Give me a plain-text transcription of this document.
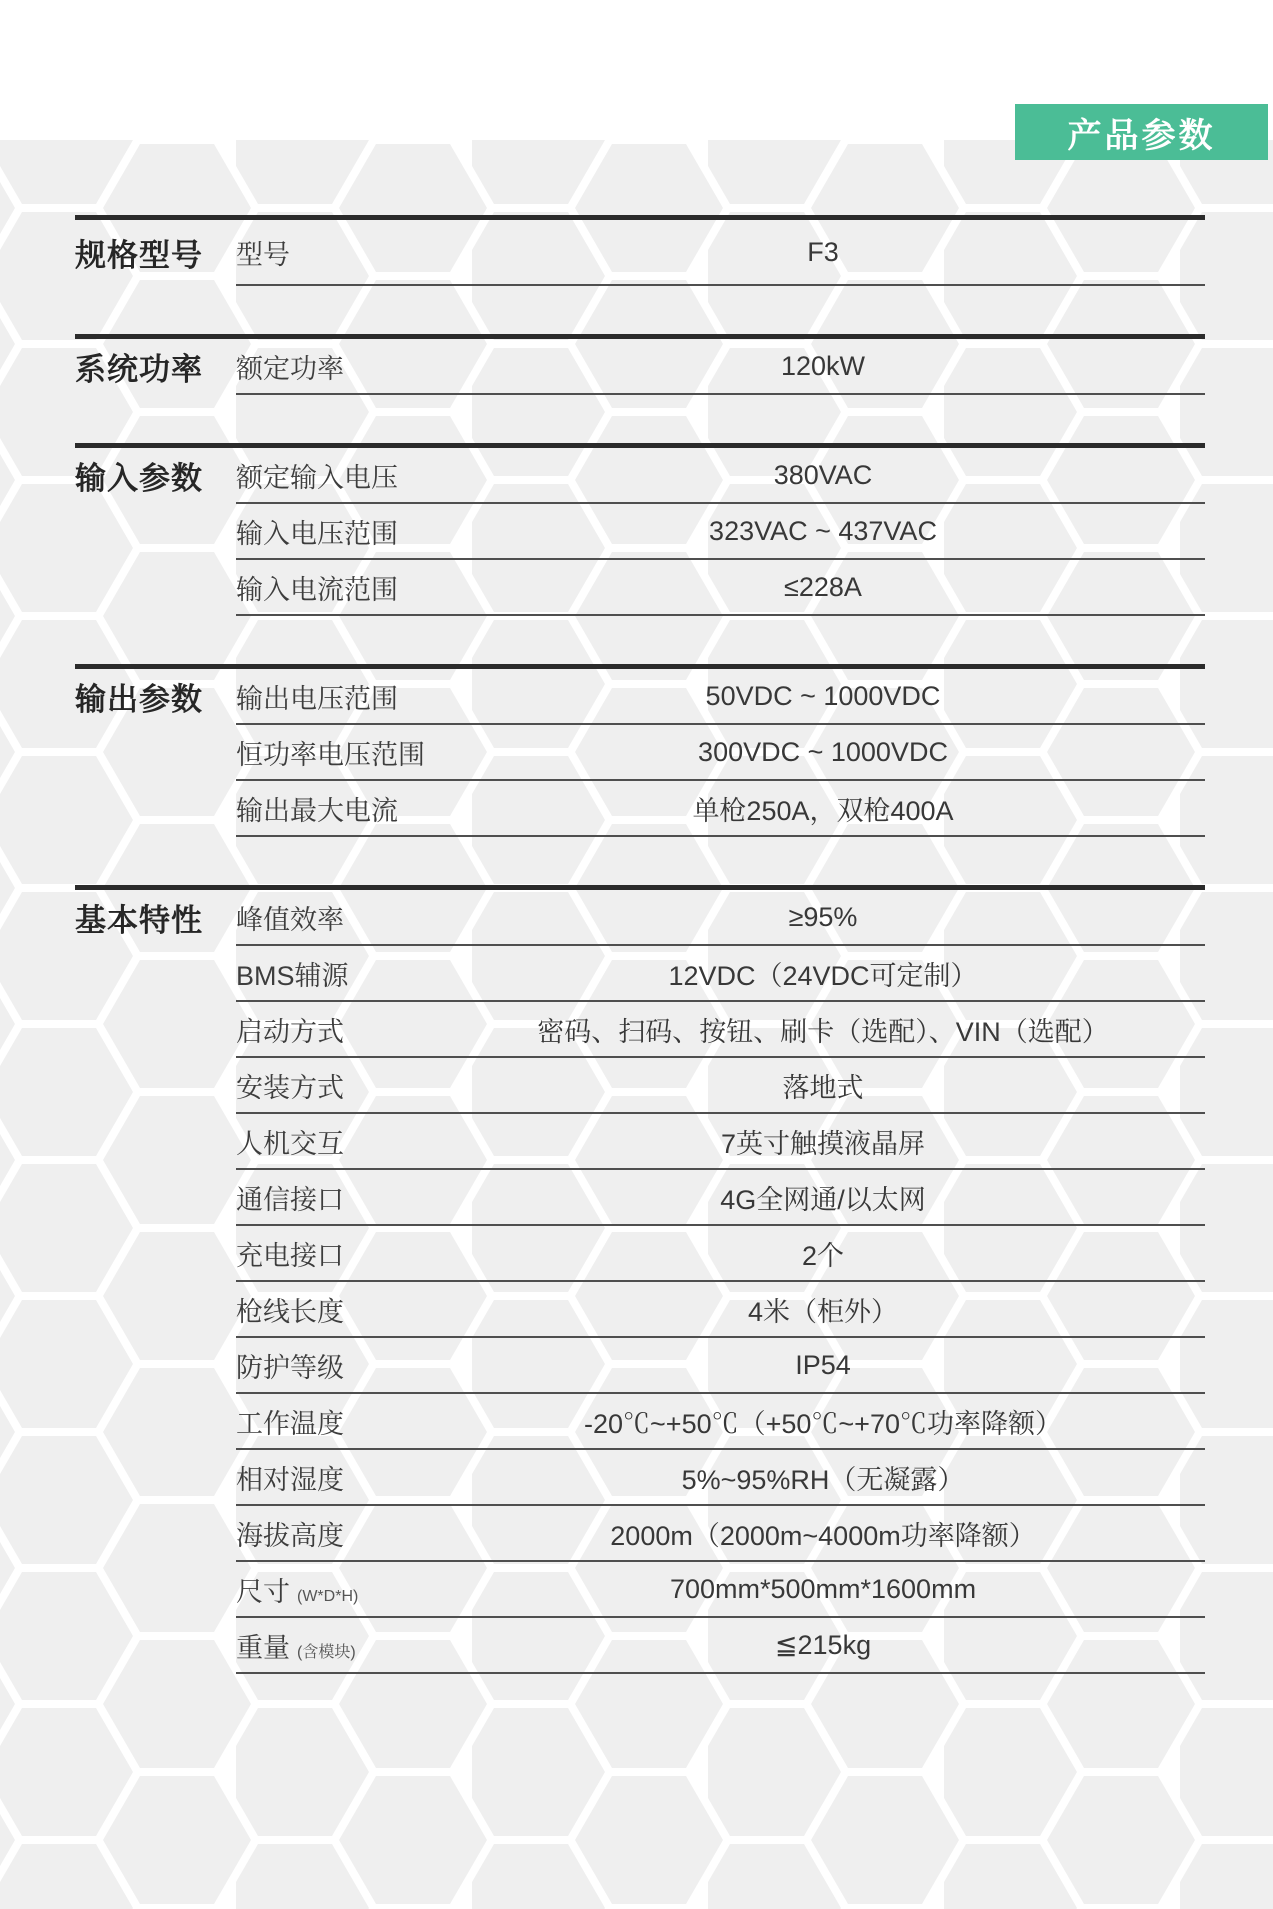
产品参数
规格型号	型号	F3
系统功率	额定功率	120kW
输入参数	额定输入电压	380VAC
输入电压范围	323VAC ~ 437VAC
输入电流范围	≤228A
输出参数	输出电压范围	50VDC ~ 1000VDC
恒功率电压范围	300VDC ~ 1000VDC
输出最大电流	单枪250A，双枪400A
基本特性	峰值效率	≥95%
BMS辅源	12VDC（24VDC可定制）
启动方式	密码、扫码、按钮、刷卡（选配）、VIN（选配）
安装方式	落地式
人机交互	7英寸触摸液晶屏
通信接口	4G全网通/以太网
充电接口	2个
枪线长度	4米（柜外）
防护等级	IP54
工作温度	-20℃~+50℃（+50℃~+70℃功率降额）
相对湿度	5%~95%RH（无凝露）
海拔高度	2000m（2000m~4000m功率降额）
尺寸 (W*D*H)	700mm*500mm*1600mm
重量 (含模块)	≦215kg
